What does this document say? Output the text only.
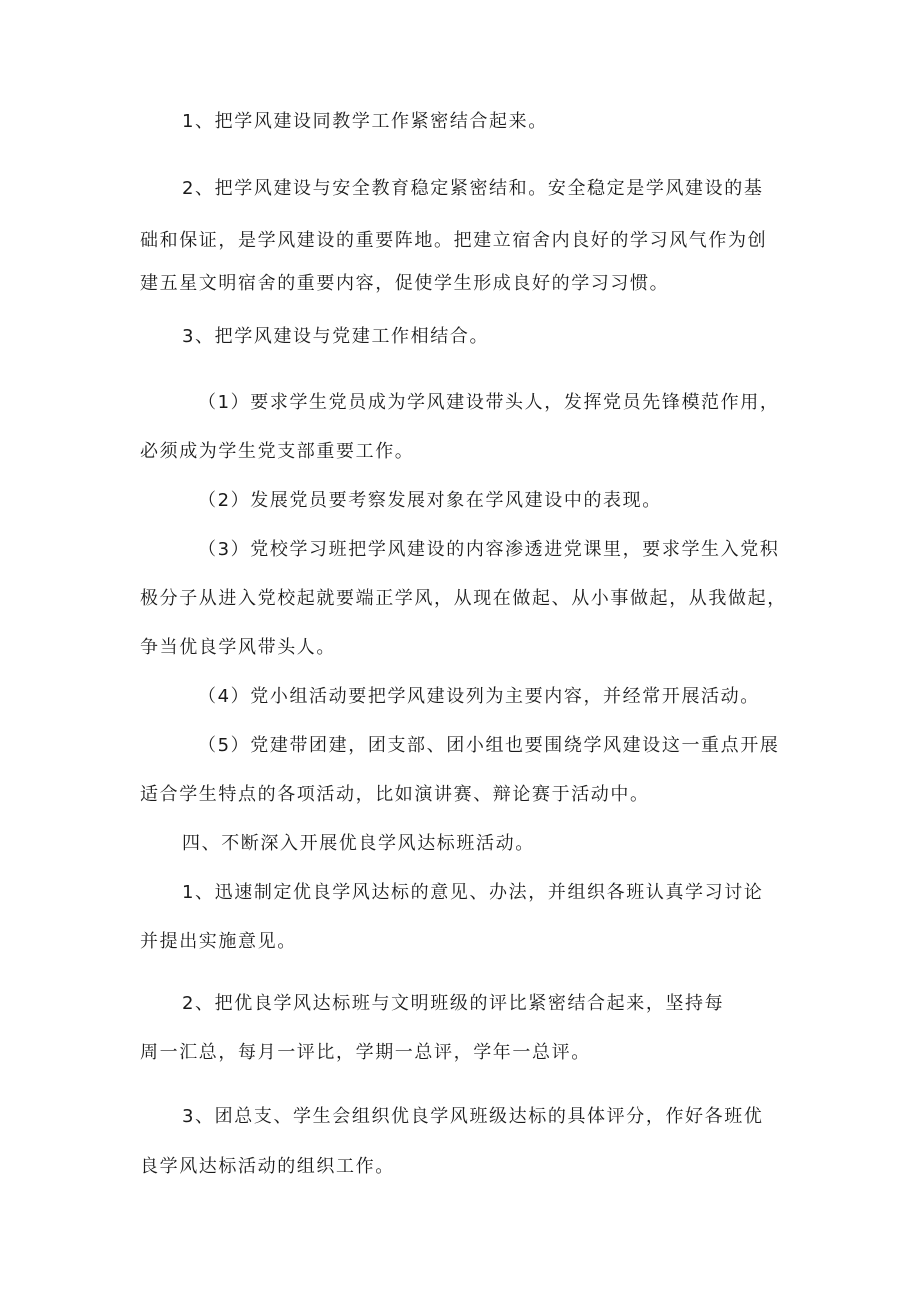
1、把学风建设同教学工作紧密结合起来。
2、把学风建设与安全教育稳定紧密结和。安全稳定是学风建设的基
础和保证，是学风建设的重要阵地。把建立宿舍内良好的学习风气作为创
建五星文明宿舍的重要内容，促使学生形成良好的学习习惯。
3、把学风建设与党建工作相结合。
（1）要求学生党员成为学风建设带头人，发挥党员先锋模范作用，
必须成为学生党支部重要工作。
（2）发展党员要考察发展对象在学风建设中的表现。
（3）党校学习班把学风建设的内容渗透进党课里，要求学生入党积
极分子从进入党校起就要端正学风，从现在做起、从小事做起，从我做起，
争当优良学风带头人。
（4）党小组活动要把学风建设列为主要内容，并经常开展活动。
（5）党建带团建，团支部、团小组也要围绕学风建设这一重点开展
适合学生特点的各项活动，比如演讲赛、辩论赛于活动中。
四、不断深入开展优良学风达标班活动。
1、迅速制定优良学风达标的意见、办法，并组织各班认真学习讨论
并提出实施意见。
2、把优良学风达标班与文明班级的评比紧密结合起来，坚持每
周一汇总，每月一评比，学期一总评，学年一总评。
3、团总支、学生会组织优良学风班级达标的具体评分，作好各班优
良学风达标活动的组织工作。
